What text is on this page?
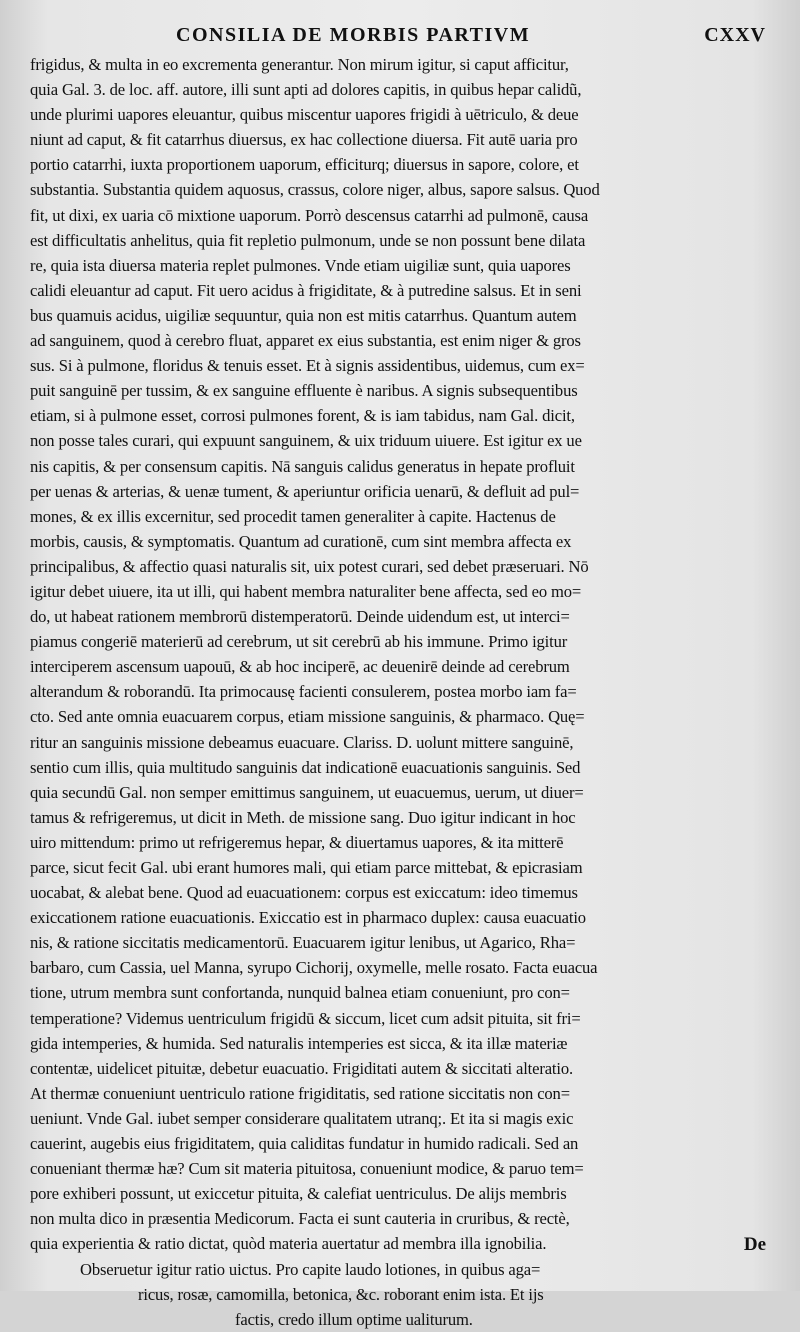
CONSILIA DE MORBIS PARTIVM	CXXV
frigidus, & multa in eo excrementa generantur. Non mirum igitur, si caput afficitur,
quia Gal. 3. de loc. aff. autore, illi sunt apti ad dolores capitis, in quibus hepar calidũ,
unde plurimi uapores eleuantur, quibus miscentur uapores frigidi à uētriculo, & deue
niunt ad caput, & fit catarrhus diuersus, ex hac collectione diuersa. Fit autē uaria pro
portio catarrhi, iuxta proportionem uaporum, efficiturq; diuersus in sapore, colore, et
substantia. Substantia quidem aquosus, crassus, colore niger, albus, sapore salsus. Quod
fit, ut dixi, ex uaria cō mixtione uaporum. Porrò descensus catarrhi ad pulmonē, causa
est difficultatis anhelitus, quia fit repletio pulmonum, unde se non possunt bene dilata
re, quia ista diuersa materia replet pulmones. Vnde etiam uigiliæ sunt, quia uapores
calidi eleuantur ad caput. Fit uero acidus à frigiditate, & à putredine salsus. Et in seni
bus quamuis acidus, uigiliæ sequuntur, quia non est mitis catarrhus. Quantum autem
ad sanguinem, quod à cerebro fluat, apparet ex eius substantia, est enim niger & gros
sus. Si à pulmone, floridus & tenuis esset. Et à signis assidentibus, uidemus, cum ex=
puit sanguinē per tussim, & ex sanguine effluente è naribus. A signis subsequentibus
etiam, si à pulmone esset, corrosi pulmones forent, & is iam tabidus, nam Gal. dicit,
non posse tales curari, qui expuunt sanguinem, & uix triduum uiuere. Est igitur ex ue
nis capitis, & per consensum capitis. Nā sanguis calidus generatus in hepate profluit
per uenas & arterias, & uenæ tument, & aperiuntur orificia uenarū, & defluit ad pul=
mones, & ex illis excernitur, sed procedit tamen generaliter à capite. Hactenus de
morbis, causis, & symptomatis. Quantum ad curationē, cum sint membra affecta ex
principalibus, & affectio quasi naturalis sit, uix potest curari, sed debet præseruari. Nō
igitur debet uiuere, ita ut illi, qui habent membra naturaliter bene affecta, sed eo mo=
do, ut habeat rationem membrorū distemperatorū. Deinde uidendum est, ut interci=
piamus congeriē materierū ad cerebrum, ut sit cerebrū ab his immune. Primo igitur
interciperem ascensum uapouū, & ab hoc inciperē, ac deuenirē deinde ad cerebrum
alterandum & roborandū. Ita primocausę facienti consulerem, postea morbo iam fa=
cto. Sed ante omnia euacuarem corpus, etiam missione sanguinis, & pharmaco. Quę=
ritur an sanguinis missione debeamus euacuare. Clariss. D. uolunt mittere sanguinē,
sentio cum illis, quia multitudo sanguinis dat indicationē euacuationis sanguinis. Sed
quia secundū Gal. non semper emittimus sanguinem, ut euacuemus, uerum, ut diuer=
tamus & refrigeremus, ut dicit in Meth. de missione sang. Duo igitur indicant in hoc
uiro mittendum: primo ut refrigeremus hepar, & diuertamus uapores, & ita mitterē
parce, sicut fecit Gal. ubi erant humores mali, qui etiam parce mittebat, & epicrasiam
uocabat, & alebat bene. Quod ad euacuationem: corpus est exiccatum: ideo timemus
exiccationem ratione euacuationis. Exiccatio est in pharmaco duplex: causa euacuatio
nis, & ratione siccitatis medicamentorū. Euacuarem igitur lenibus, ut Agarico, Rha=
barbaro, cum Cassia, uel Manna, syrupo Cichorij, oxymelle, melle rosato. Facta euacua
tione, utrum membra sunt confortanda, nunquid balnea etiam conueniunt, pro con=
temperatione? Videmus uentriculum frigidū & siccum, licet cum adsit pituita, sit fri=
gida intemperies, & humida. Sed naturalis intemperies est sicca, & ita illæ materiæ
contentæ, uidelicet pituitæ, debetur euacuatio. Frigiditati autem & siccitati alteratio.
At thermæ conueniunt uentriculo ratione frigiditatis, sed ratione siccitatis non con=
ueniunt. Vnde Gal. iubet semper considerare qualitatem utranq;. Et ita si magis exic
cauerint, augebis eius frigiditatem, quia caliditas fundatur in humido radicali. Sed an
conueniant thermæ hæ? Cum sit materia pituitosa, conueniunt modice, & paruo tem=
pore exhiberi possunt, ut exiccetur pituita, & calefiat uentriculus. De alijs membris
non multa dico in præsentia Medicorum. Facta ei sunt cauteria in cruribus, & rectè,
quia experientia & ratio dictat, quòd materia auertatur ad membra illa ignobilia.
Obseruetur igitur ratio uictus. Pro capite laudo lotiones, in quibus aga=
ricus, rosæ, camomilla, betonica, &c. roborant enim ista. Et ijs
factis, credo illum optime ualiturum.
De
